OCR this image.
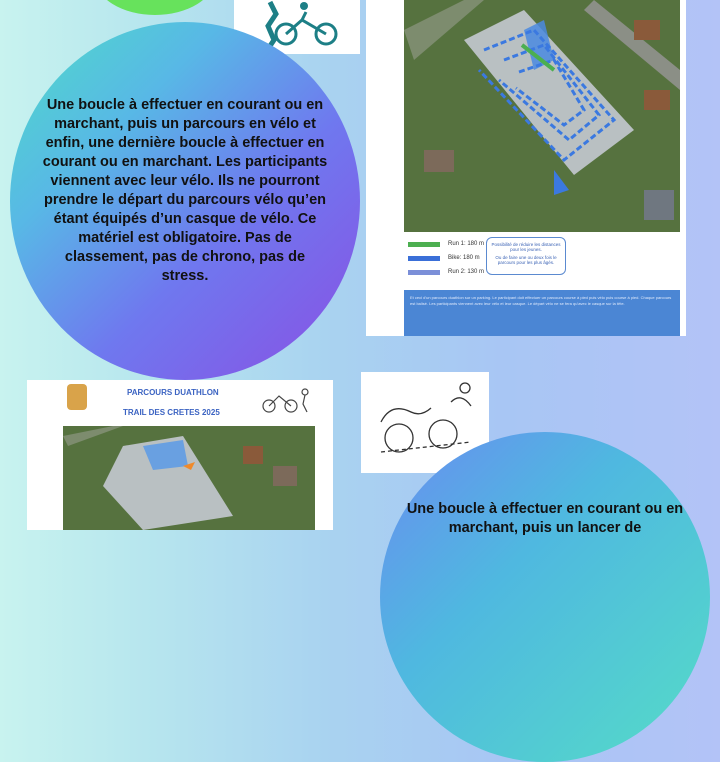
Une boucle à effectuer en courant ou en marchant, puis un parcours en vélo et enfin, une dernière boucle à effectuer en courant ou en marchant. Les participants viennent avec leur vélo. Ils ne pourront prendre le départ du parcours vélo qu’en étant équipés d’un casque de vélo. Ce matériel est obligatoire. Pas de classement, pas de chrono, pas de stress.

Run 1: 180 m
Bike: 180 m
Run 2: 130 m
Possibilité de réduire les distances pour les jeunes.
Ou de faire une ou deux fois le parcours pour les plus âgés.
Et ceci d'un parcours duathlon sur un parking. Le participant doit effectuer un parcours course à pied puis vélo puis course à pied. Chaque parcours est balisé. Les participants viennent avec leur vélo et leur casque. Le départ vélo ne se fera qu'avec le casque sur la tête.
PARCOURS DUATHLON
TRAIL DES CRETES 2025

Une boucle à effectuer en courant ou en marchant, puis un lancer de
